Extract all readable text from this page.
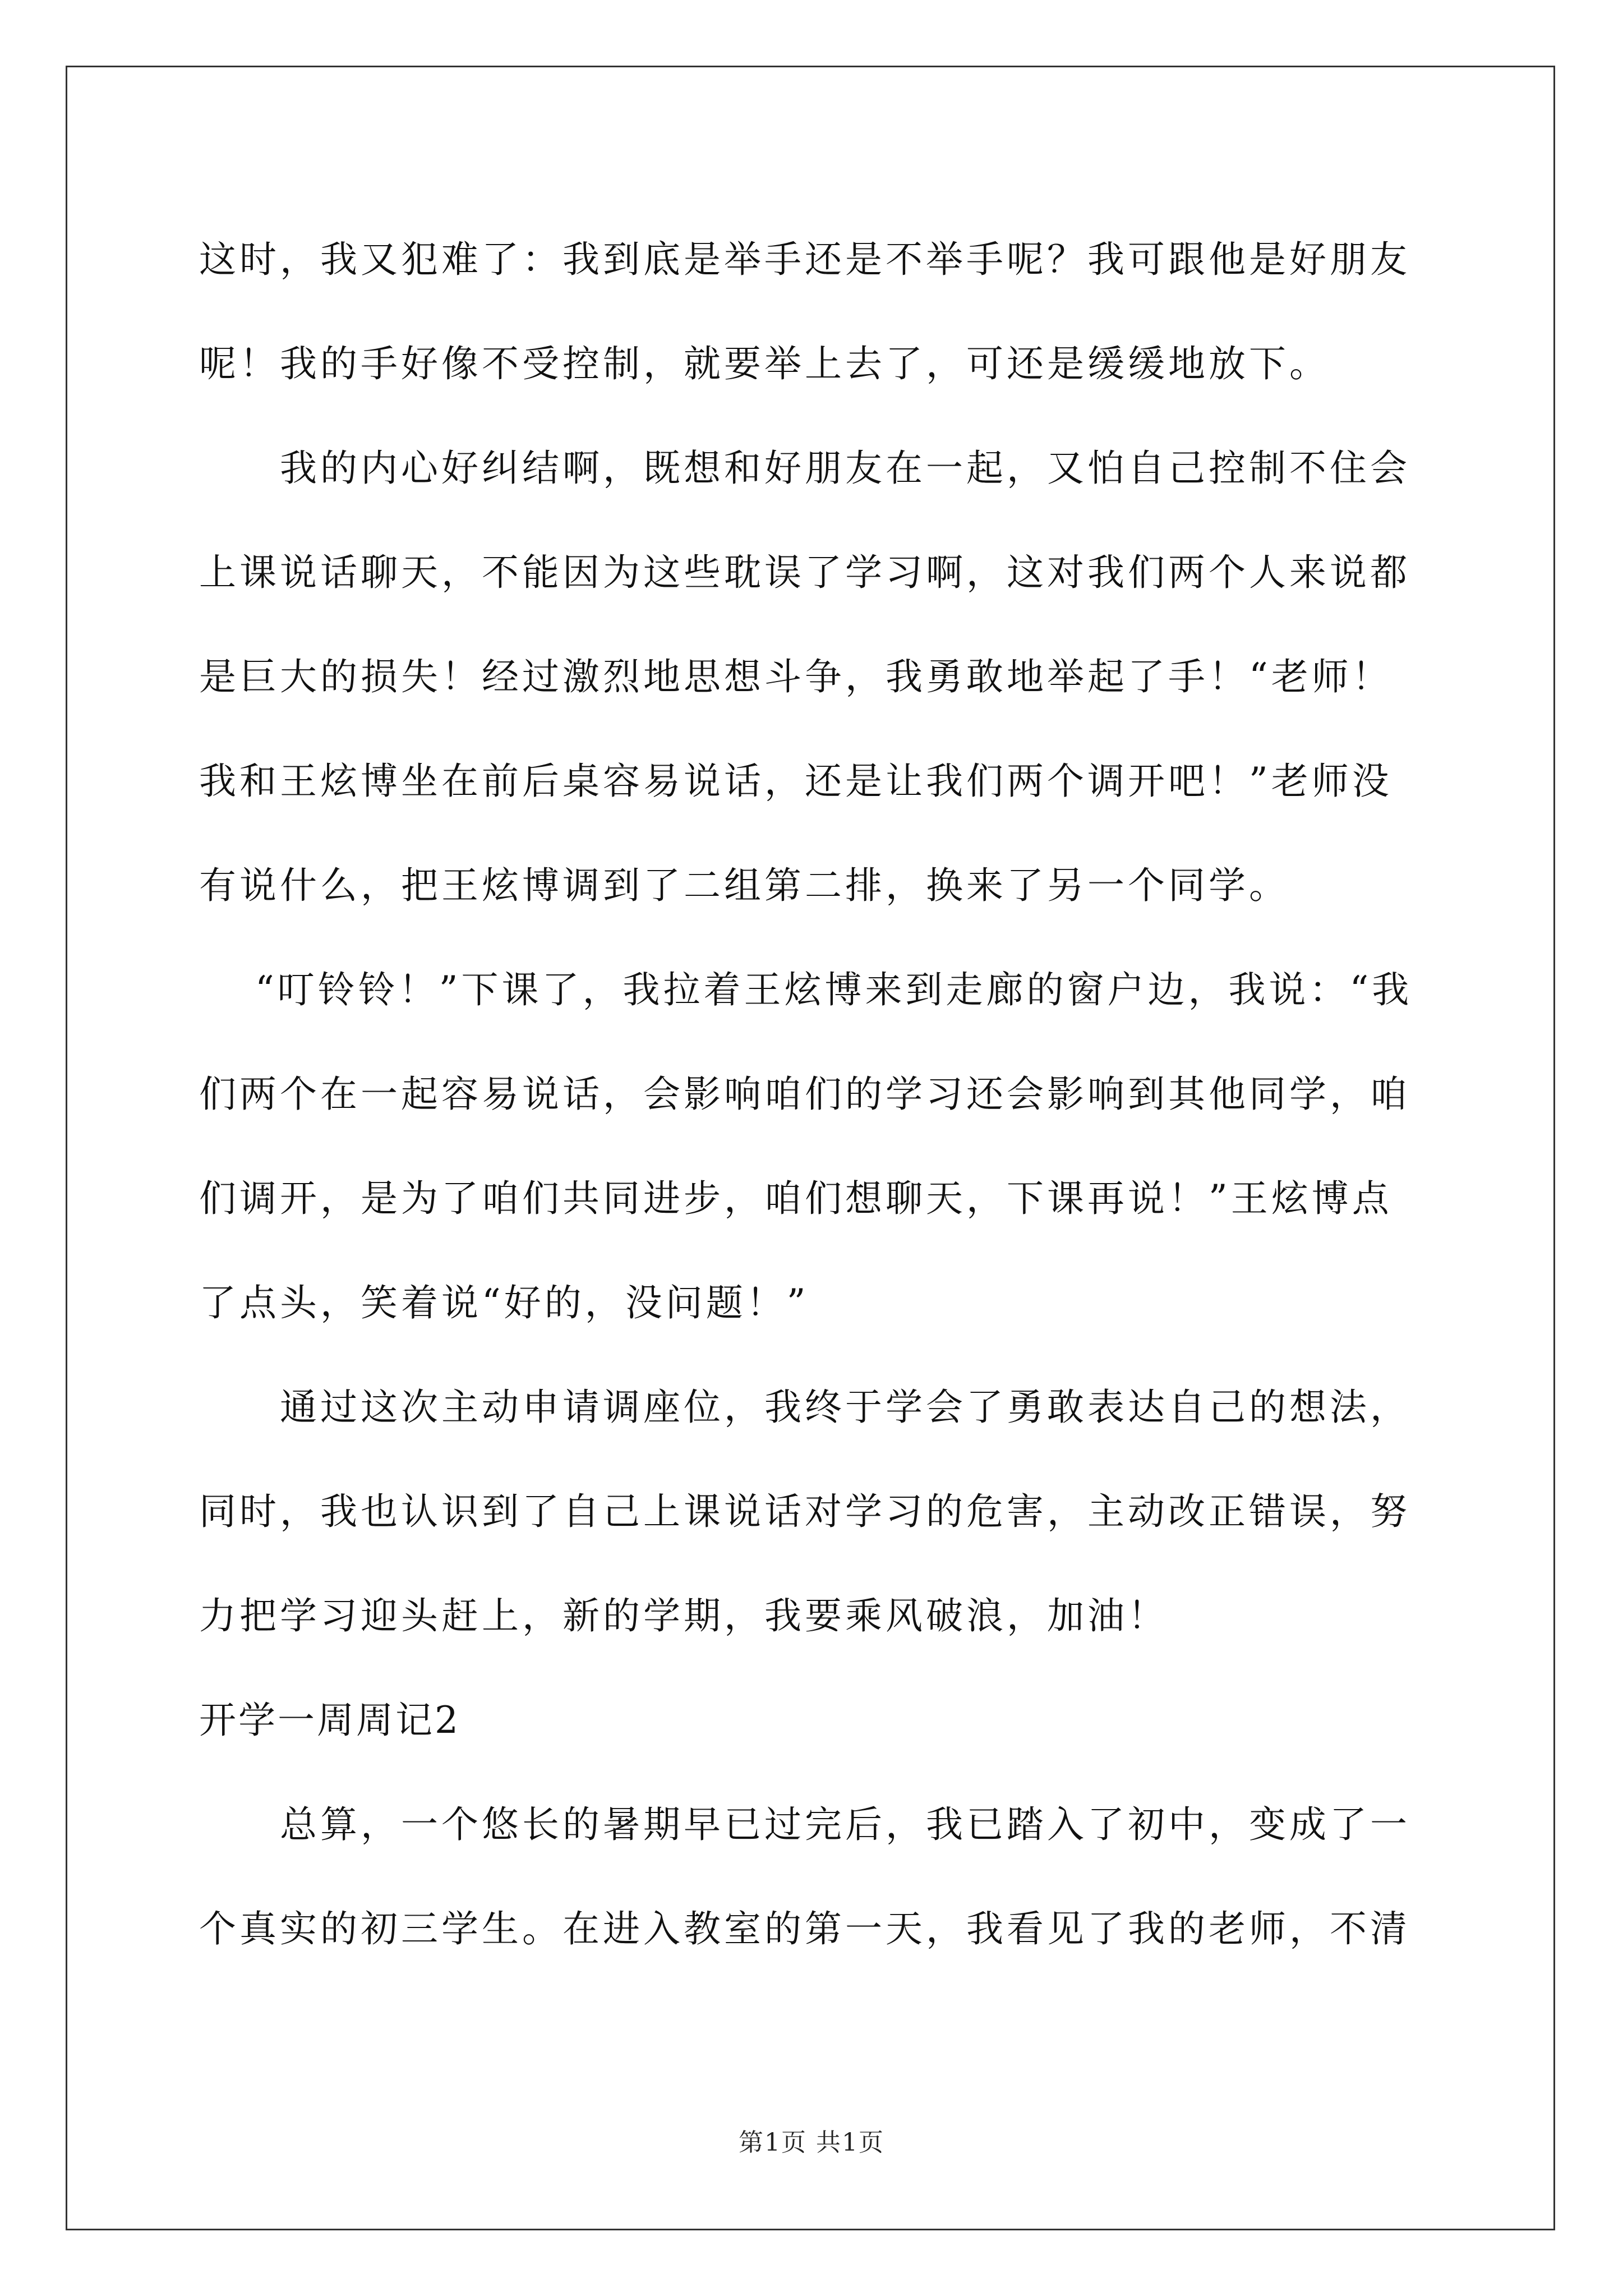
这时，我又犯难了：我到底是举手还是不举手呢？我可跟他是好朋友
呢！我的手好像不受控制，就要举上去了，可还是缓缓地放下。
我的内心好纠结啊，既想和好朋友在一起，又怕自己控制不住会
上课说话聊天，不能因为这些耽误了学习啊，这对我们两个人来说都
是巨大的损失！经过激烈地思想斗争，我勇敢地举起了手！“老师！
我和王炫博坐在前后桌容易说话，还是让我们两个调开吧！”老师没
有说什么，把王炫博调到了二组第二排，换来了另一个同学。
“叮铃铃！”下课了，我拉着王炫博来到走廊的窗户边，我说：“我
们两个在一起容易说话，会影响咱们的学习还会影响到其他同学，咱
们调开，是为了咱们共同进步，咱们想聊天，下课再说！”王炫博点
了点头，笑着说“好的，没问题！”
通过这次主动申请调座位，我终于学会了勇敢表达自己的想法，
同时，我也认识到了自己上课说话对学习的危害，主动改正错误，努
力把学习迎头赶上，新的学期，我要乘风破浪，加油！
开学一周周记2
总算，一个悠长的暑期早已过完后，我已踏入了初中，变成了一
个真实的初三学生。在进入教室的第一天，我看见了我的老师，不清
第1页 共1页
